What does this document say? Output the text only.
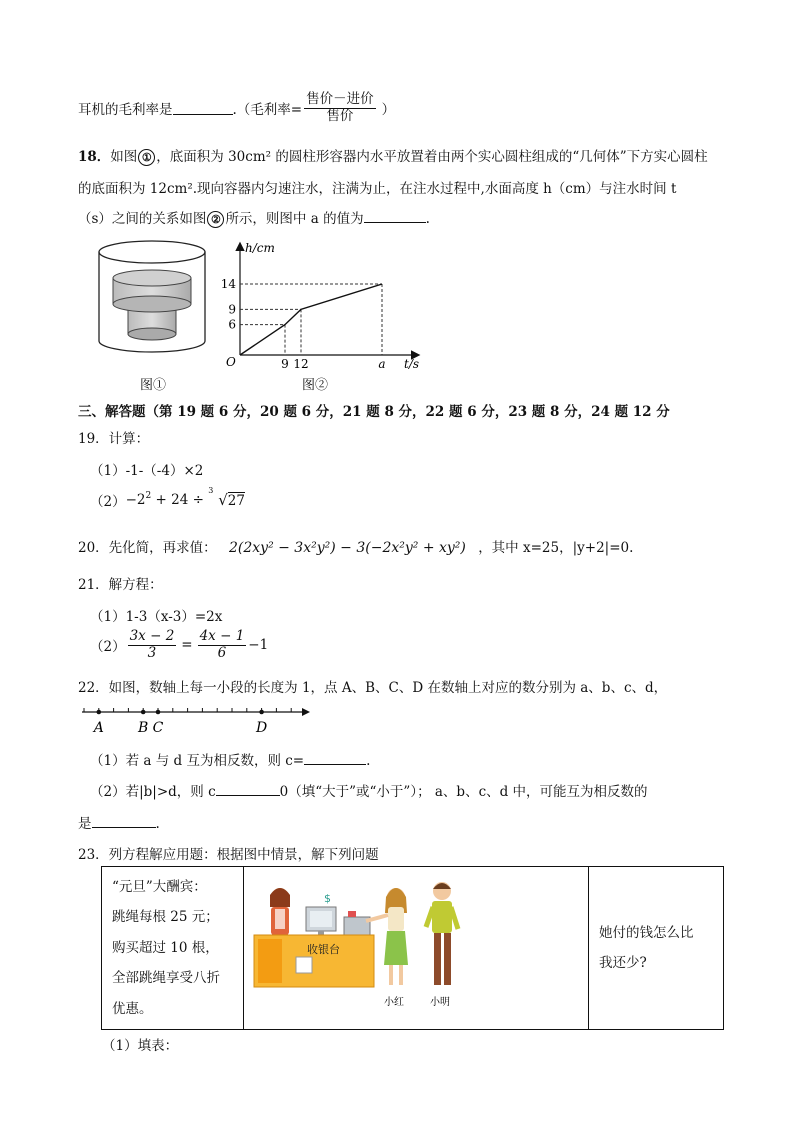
耳机的毛利率是	.（毛利率= $\frac{\text{售价－进价}}{\text{售价}}$ ）
18．如图 ① ，底面积为 30cm² 的圆柱形容器内水平放置着由两个实心圆柱组成的“几何体”下方实心圆柱
的底面积为 12cm².现向容器内匀速注水，注满为止，在注水过程中,水面高度 h（cm）与注水时间 t
（s）之间的关系如图 ② 所示，则图中 a 的值为	.
图①
h/cm
t/s
O
14
9
6
9 12	a
图②
三、解答题（第 19 题 6 分，20 题 6 分，21 题 8 分，22 题 6 分，23 题 8 分，24 题 12 分
19．计算：
（1）-1-（-4）×2
$(2) -2^2 + 24$ ÷
3
√27
20．先化简，再求值： 2(2xy² − 3x²y²) − 3(−2x²y² + xy²) ，其中 x=25，|y+2|=0.
21．解方程：
（1）1-3（x-3）=2x
$(2) \frac{3x - 2}{3} = \frac{4x - 1}{6} -1$
22．如图，数轴上每一小段的长度为 1，点 A、B、C、D 在数轴上对应的数分别为 a、b、c、d，
A B C	D
（1）若 a 与 d 互为相反数，则 c=	.
（2）若|b|>d，则 c	0（填“大于”或“小于”）； a、b、c、d 中，可能互为相反数的
是	.
23．列方程解应用题：根据图中情景，解下列问题
“元旦”大酬宾：
跳绳每根 25 元；
购买超过 10 根，
全部跳绳享受八折
优惠。

$
收银台
小红	小明

她付的钱怎么比
我还少?
（1）填表：
